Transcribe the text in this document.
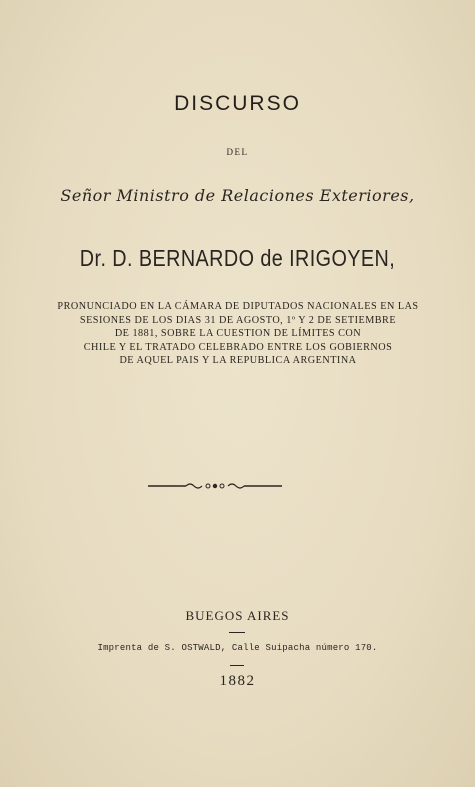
DISCURSO
DEL
Señor Ministro de Relaciones Exteriores,
Dr. D. BERNARDO de IRIGOYEN,
PRONUNCIADO EN LA CÁMARA DE DIPUTADOS NACIONALES EN LAS
SESIONES DE LOS DIAS 31 DE AGOSTO, 1º Y 2 DE SETIEMBRE
DE 1881, SOBRE LA CUESTION DE LÍMITES CON
CHILE Y EL TRATADO CELEBRADO ENTRE LOS GOBIERNOS
DE AQUEL PAIS Y LA REPUBLICA ARGENTINA
BUEGOS AIRES
Imprenta de S. OSTWALD, Calle Suipacha número 170.
1882
